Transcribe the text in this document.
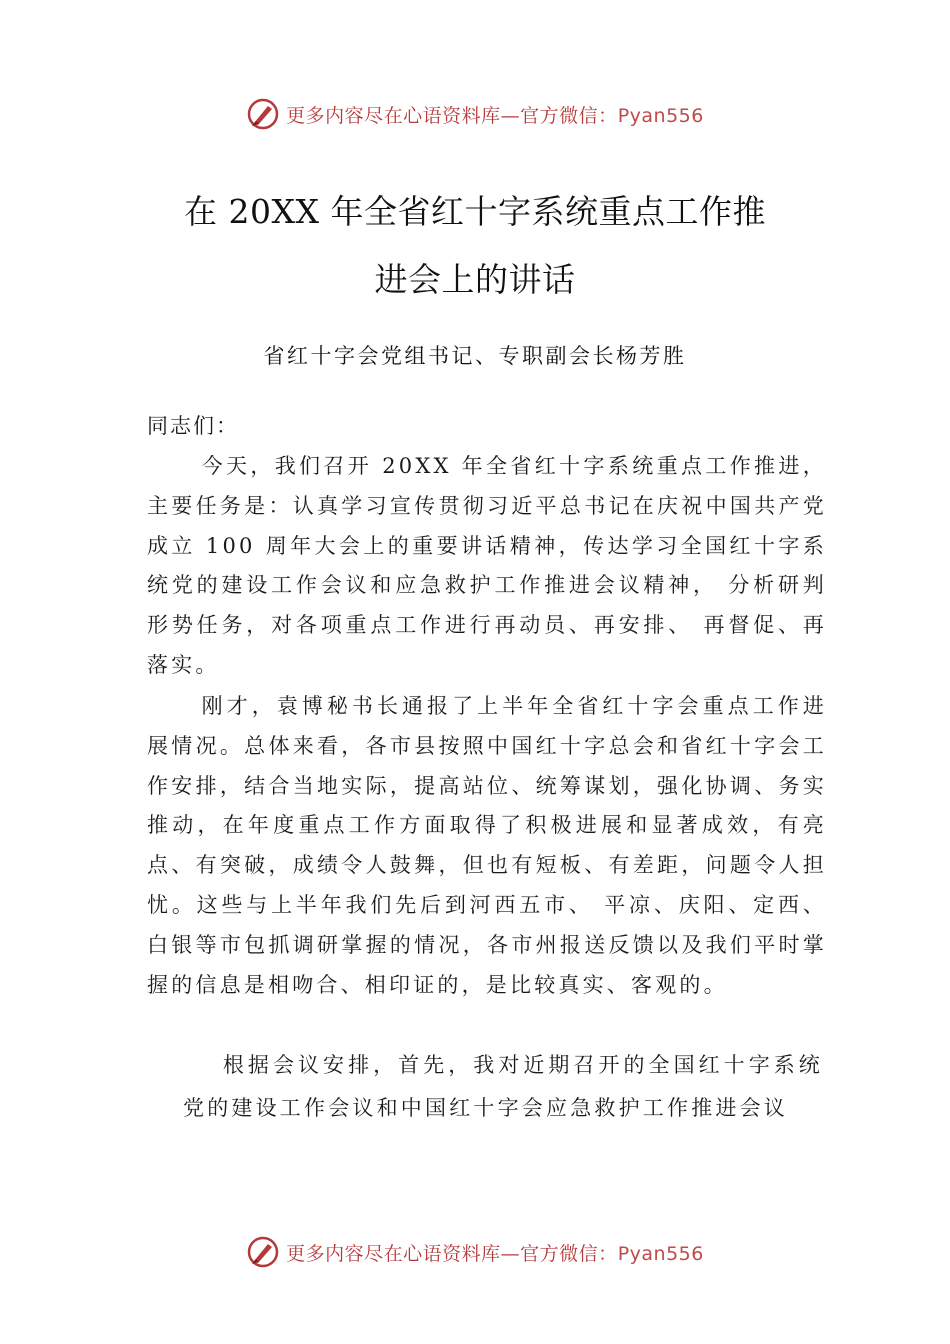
更多内容尽在心语资料库—官方微信：Pyan556
在 20XX 年全省红十字系统重点工作推
进会上的讲话
省红十字会党组书记、专职副会长杨芳胜
同志们：

今天，我们召开 20XX 年全省红十字系统重点工作推进，主要任务是：认真学习宣传贯彻习近平总书记在庆祝中国共产党成立 100 周年大会上的重要讲话精神，传达学习全国红十字系统党的建设工作会议和应急救护工作推进会议精神， 分析研判形势任务，对各项重点工作进行再动员、再安排、 再督促、再落实。

刚才，袁博秘书长通报了上半年全省红十字会重点工作进展情况。总体来看，各市县按照中国红十字总会和省红十字会工作安排，结合当地实际，提高站位、统筹谋划，强化协调、务实推动，在年度重点工作方面取得了积极进展和显著成效，有亮点、有突破，成绩令人鼓舞，但也有短板、有差距，问题令人担忧。这些与上半年我们先后到河西五市、 平凉、庆阳、定西、白银等市包抓调研掌握的情况，各市州报送反馈以及我们平时掌握的信息是相吻合、相印证的，是比较真实、客观的。

根据会议安排，首先，我对近期召开的全国红十字系统党的建设工作会议和中国红十字会应急救护工作推进会议

更多内容尽在心语资料库—官方微信：Pyan556
